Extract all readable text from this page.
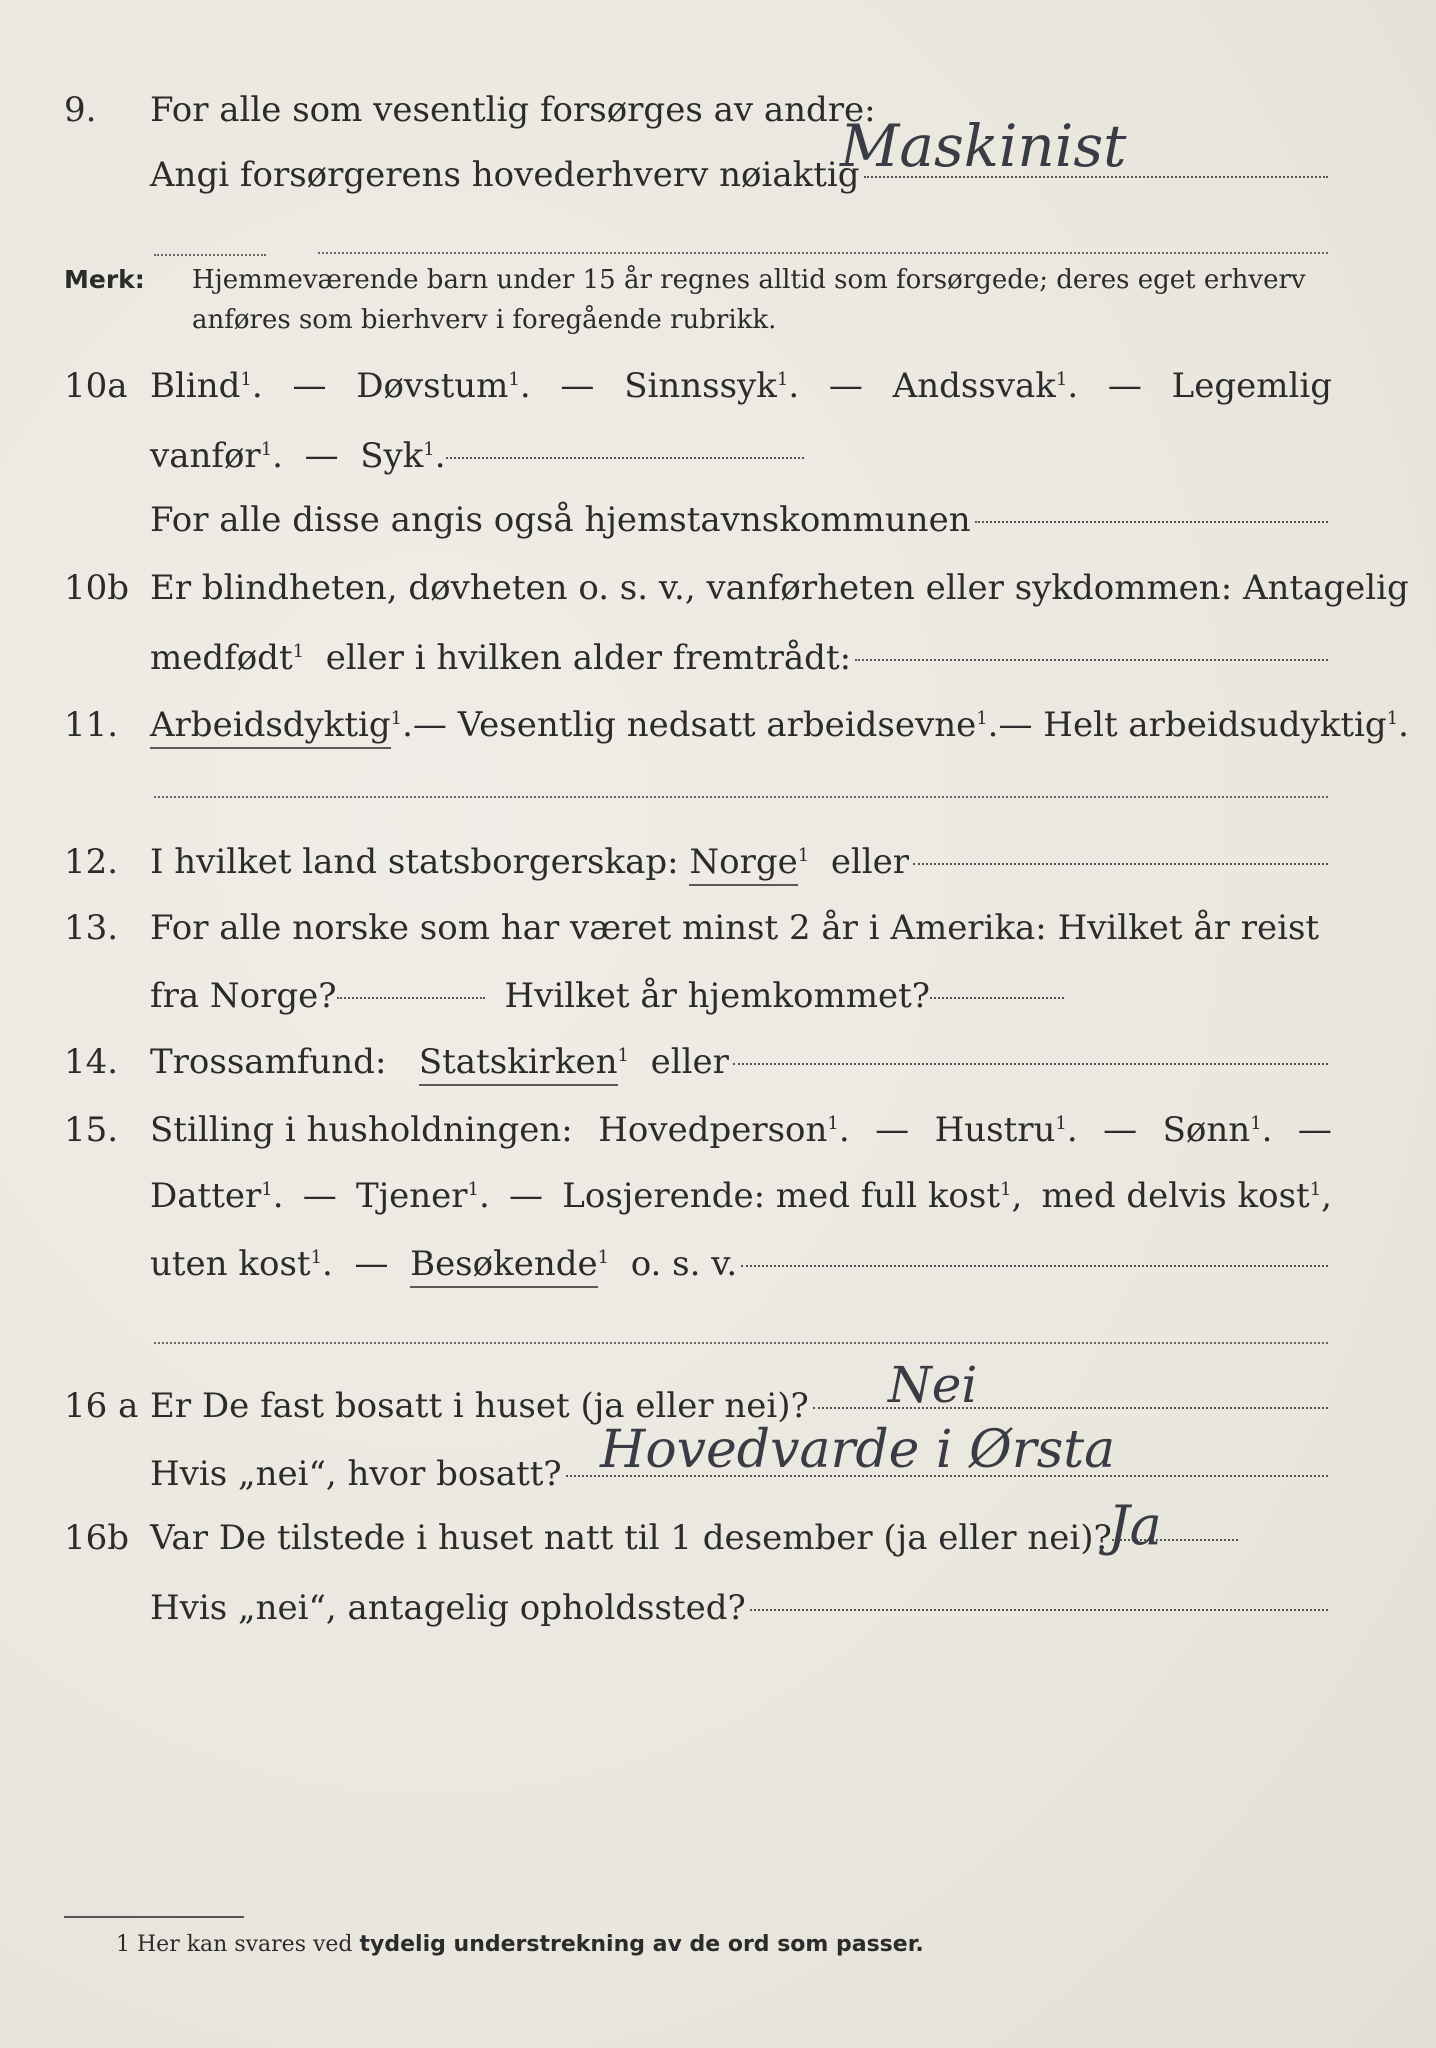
9. For alle som vesentlig forsørges av andre:
Angi forsørgerens hovederhverv nøiaktig
Maskinist
Merk: Hjemmeværende barn under 15 år regnes alltid som forsørgede; deres eget erhverv
anføres som bierhverv i foregående rubrikk.
10a Blind$^1$. — Døvstum$^1$. — Sinnssyk$^1$. — Andssvak$^1$. — Legemlig
vanfør$^1$.  — Syk$^1$.
For alle disse angis også hjemstavnskommunen
10b Er blindheten, døvheten o. s. v., vanførheten eller sykdommen: Antagelig
medfødt$^1$ eller i hvilken alder fremtrådt:
11. Arbeidsdyktig$^1$. — Vesentlig nedsatt arbeidsevne$^1$. — Helt arbeidsudyktig$^1$.
12. I hvilket land statsborgerskap:
Norge$^1$ eller
13. For alle norske som har været minst 2 år i Amerika: Hvilket år reist
fra Norge?	Hvilket år hjemkommet?
14. Trossamfund:
Statskirken$^1$ eller
15. Stilling i husholdningen: Hovedperson$^1$. — Hustru$^1$. — Sønn$^1$. —
Datter$^1$. — Tjener$^1$. — Losjerende: med full kost$^1$, med delvis kost$^1$,
uten kost$^1$.  — Besøkende$^1$ o. s. v.
16 a Er De fast bosatt i huset (ja eller nei)? Nei
Hvis „nei“, hvor bosatt? Hovedvarde i Ørsta
16b Var De tilstede i huset natt til 1 desember (ja eller nei)?
Ja
Hvis „nei“, antagelig opholdssted?
1 Her kan svares ved tydelig understrekning av de ord som passer.
